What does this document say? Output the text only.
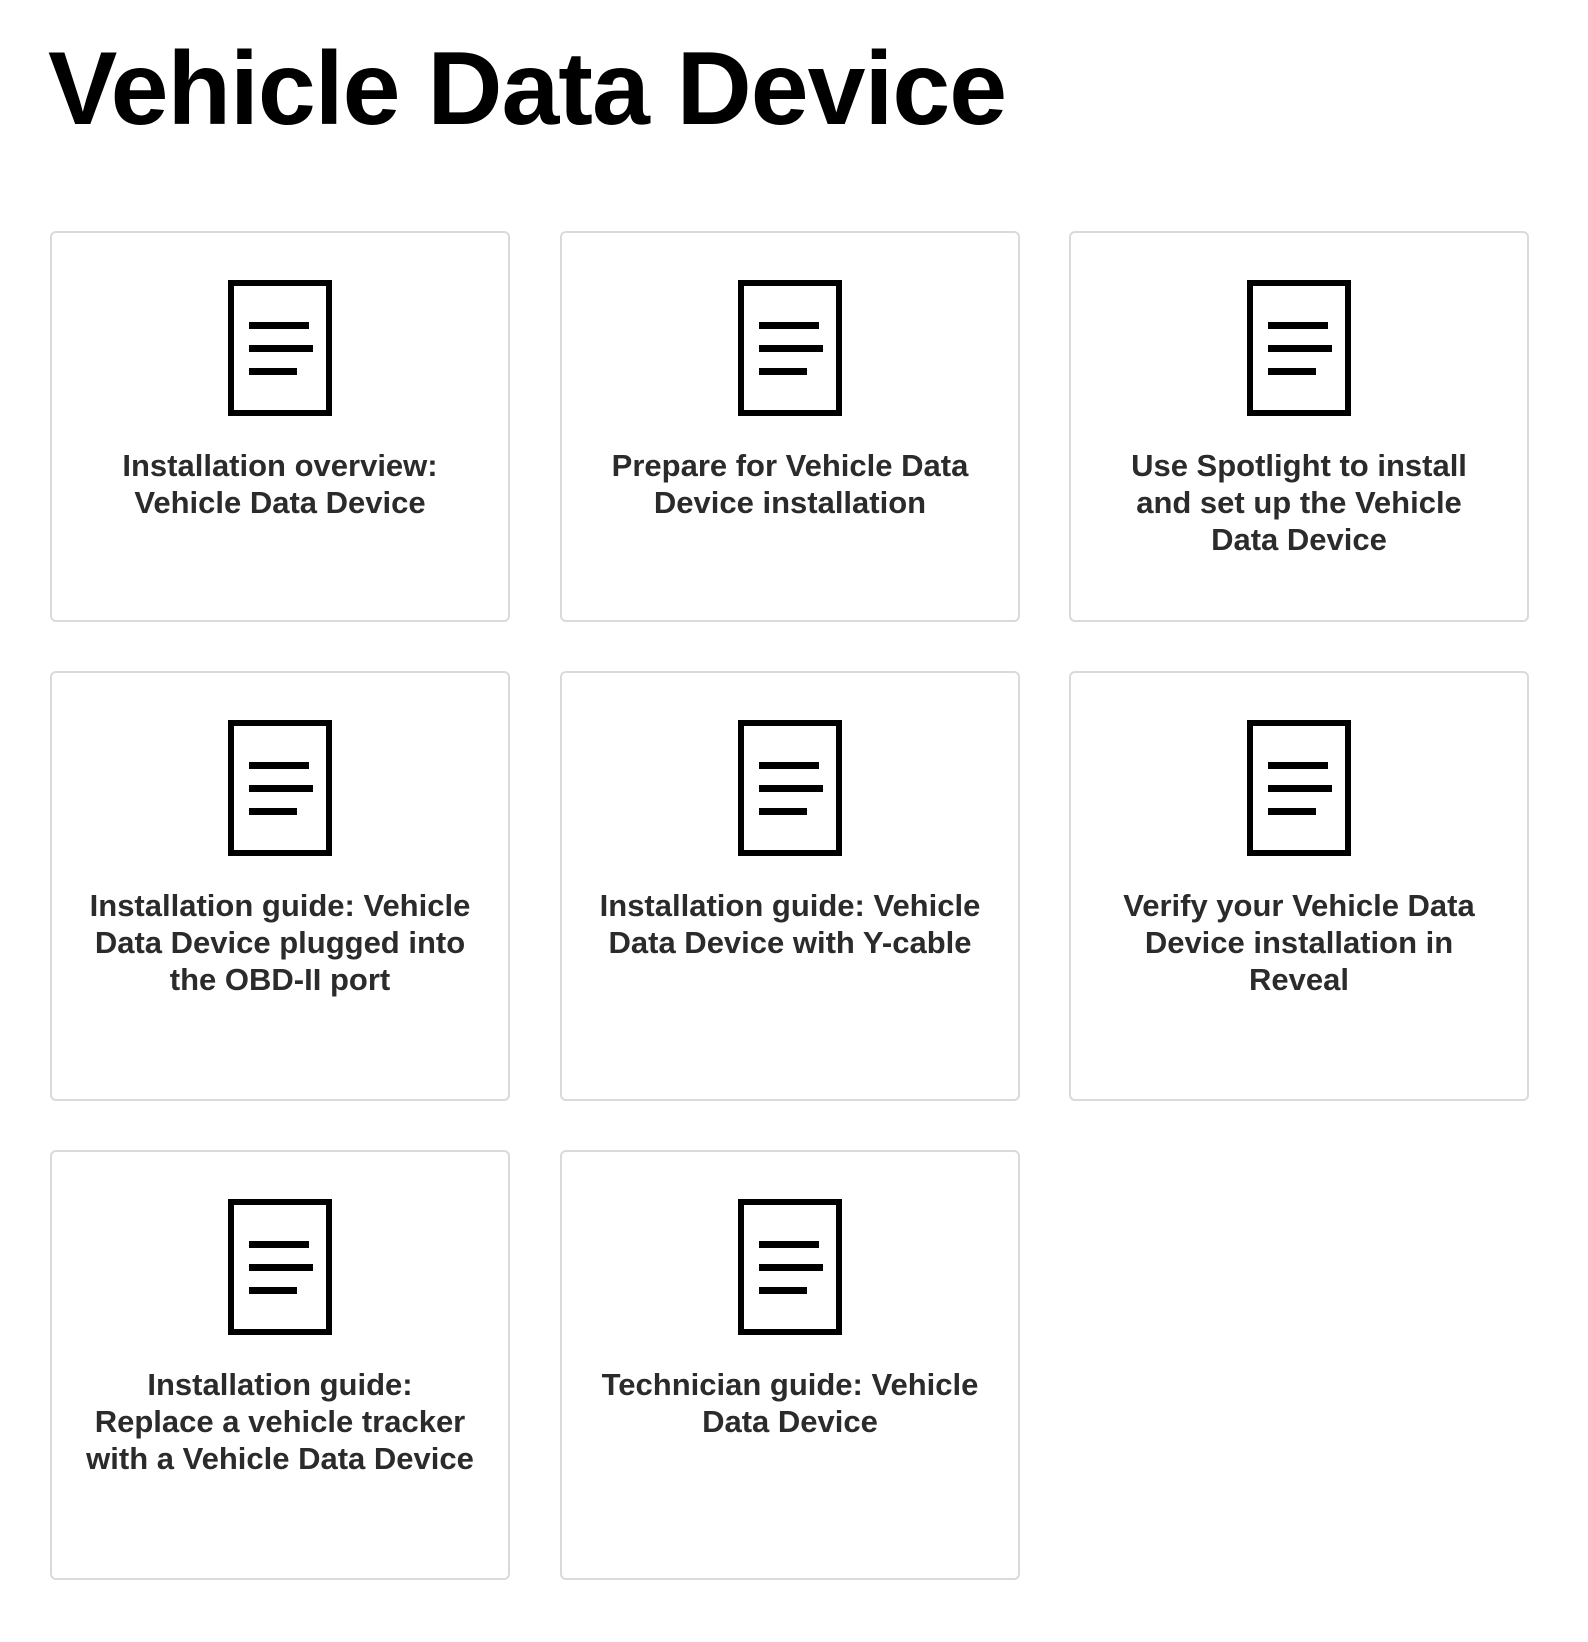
Vehicle Data Device

Installation overview: Vehicle Data Device

Prepare for Vehicle Data Device installation

Use Spotlight to install and set up the Vehicle Data Device

Installation guide: Vehicle Data Device plugged into the OBD-II port

Installation guide: Vehicle Data Device with Y-cable

Verify your Vehicle Data Device installation in Reveal

Installation guide: Replace a vehicle tracker with a Vehicle Data Device

Technician guide: Vehicle Data Device
